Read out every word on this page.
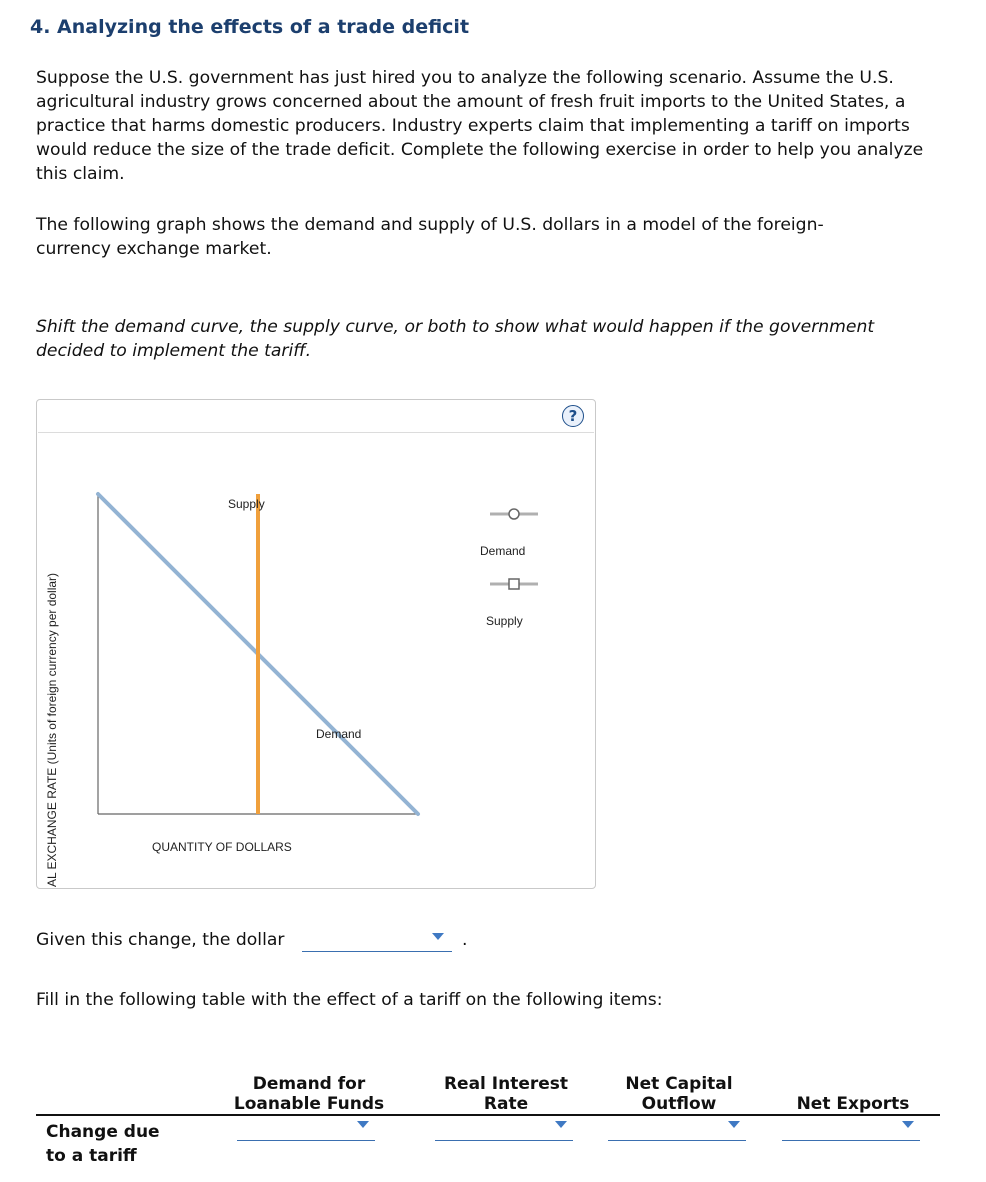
4. Analyzing the effects of a trade deficit

Suppose the U.S. government has just hired you to analyze the following scenario. Assume the U.S. agricultural industry grows concerned about the amount of fresh fruit imports to the United States, a practice that harms domestic producers. Industry experts claim that implementing a tariff on imports would reduce the size of the trade deficit. Complete the following exercise in order to help you analyze this claim.

The following graph shows the demand and supply of U.S. dollars in a model of the foreign-currency exchange market.

Shift the demand curve, the supply curve, or both to show what would happen if the government decided to implement the tariff.

?
Supply
Demand
QUANTITY OF DOLLARS
Demand
Supply
AL EXCHANGE RATE (Units of foreign currency per dollar)
Given this change, the dollar	.

Fill in the following table with the effect of a tariff on the following items:

Demand for
Loanable Funds
Real Interest
Rate
Net Capital
Outflow	Net Exports
Change due
to a tariff
